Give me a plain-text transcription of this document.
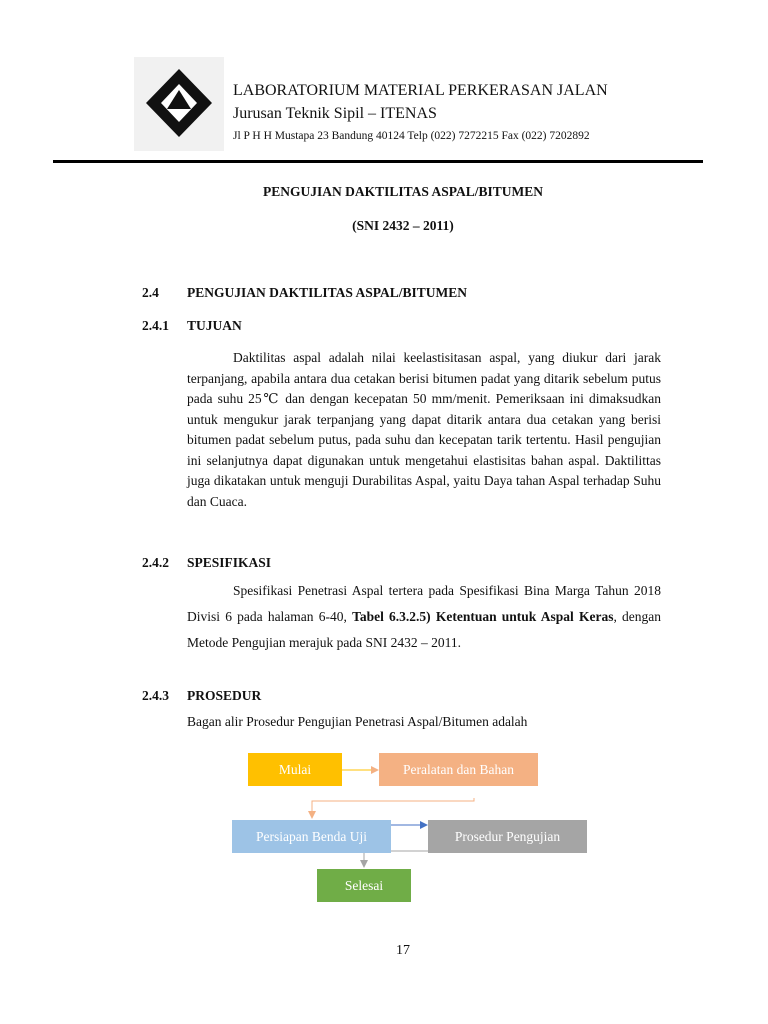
LABORATORIUM MATERIAL PERKERASAN JALAN
Jurusan Teknik Sipil – ITENAS
Jl P H H Mustapa 23 Bandung 40124 Telp (022) 7272215 Fax (022) 7202892
PENGUJIAN DAKTILITAS ASPAL/BITUMEN
(SNI 2432 – 2011)
2.4 PENGUJIAN DAKTILITAS ASPAL/BITUMEN
2.4.1 TUJUAN

Daktilitas aspal adalah nilai keelastisitasan aspal, yang diukur dari jarak terpanjang, apabila antara dua cetakan berisi bitumen padat yang ditarik sebelum putus pada suhu 25℃ dan dengan kecepatan 50 mm/menit. Pemeriksaan ini dimaksudkan untuk mengukur jarak terpanjang yang dapat ditarik antara dua cetakan yang berisi bitumen padat sebelum putus, pada suhu dan kecepatan tarik tertentu. Hasil pengujian ini selanjutnya dapat digunakan untuk mengetahui elastisitas bahan aspal. Daktilittas juga dikatakan untuk menguji Durabilitas Aspal, yaitu Daya tahan Aspal terhadap Suhu dan Cuaca.

2.4.2 SPESIFIKASI

Spesifikasi Penetrasi Aspal tertera pada Spesifikasi Bina Marga Tahun 2018 Divisi 6 pada halaman 6-40, Tabel 6.3.2.5) Ketentuan untuk Aspal Keras, dengan Metode Pengujian merajuk pada SNI 2432 – 2011.

2.4.3 PROSEDUR
Bagan alir Prosedur Pengujian Penetrasi Aspal/Bitumen adalah
Mulai	Peralatan dan Bahan
Persiapan Benda Uji	Prosedur Pengujian
Selesai
17
